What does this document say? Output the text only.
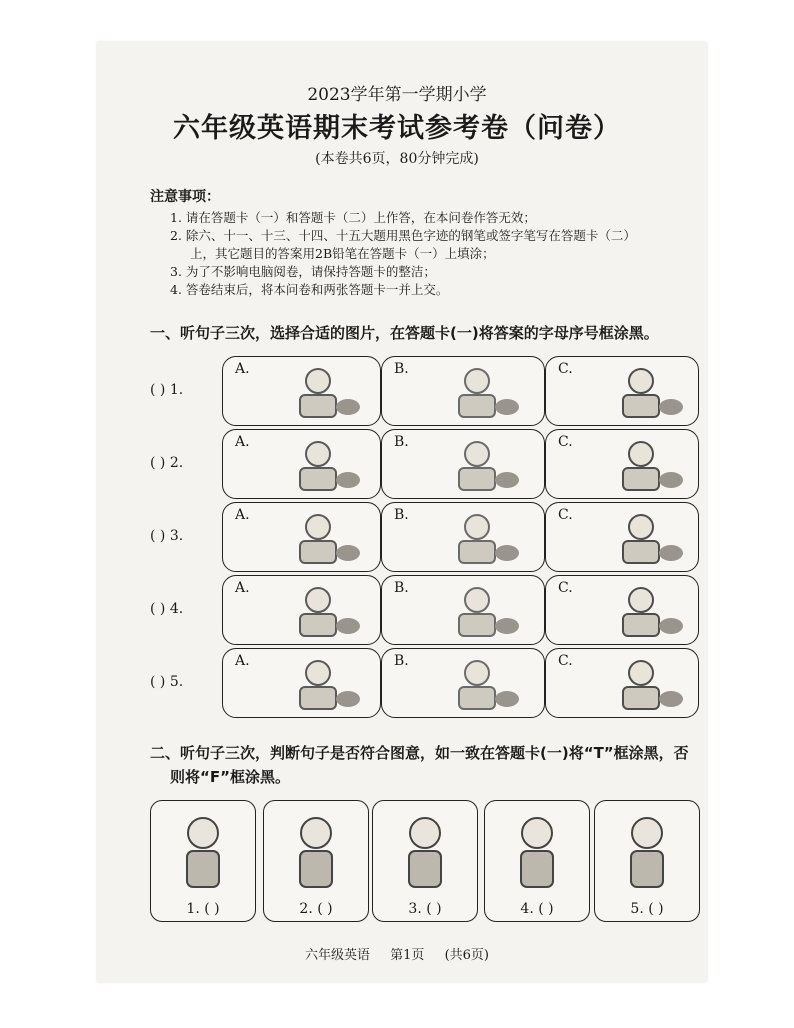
2023学年第一学期小学
六年级英语期末考试参考卷（问卷）
(本卷共6页，80分钟完成)
注意事项：
1. 请在答题卡（一）和答题卡（二）上作答，在本问卷作答无效；
2. 除六、十一、十三、十四、十五大题用黑色字迹的钢笔或签字笔写在答题卡（二）
上，其它题目的答案用2B铅笔在答题卡（一）上填涂；
3. 为了不影响电脑阅卷，请保持答题卡的整洁；
4. 答卷结束后，将本问卷和两张答题卡一并上交。
一、听句子三次，选择合适的图片，在答题卡(一)将答案的字母序号框涂黑。
( ) 1.
A.	B.	C.
( ) 2.
A.	B.	C.
( ) 3.
A.	B.	C.
( ) 4.
A.	B.	C.
( ) 5.
A.	B.	C.
二、听句子三次，判断句子是否符合图意，如一致在答题卡(一)将“T”框涂黑，否
则将“F”框涂黑。
1. ( )	2. ( )	3. ( )	4. ( )	5. ( )
六年级英语 第1页 (共6页)
